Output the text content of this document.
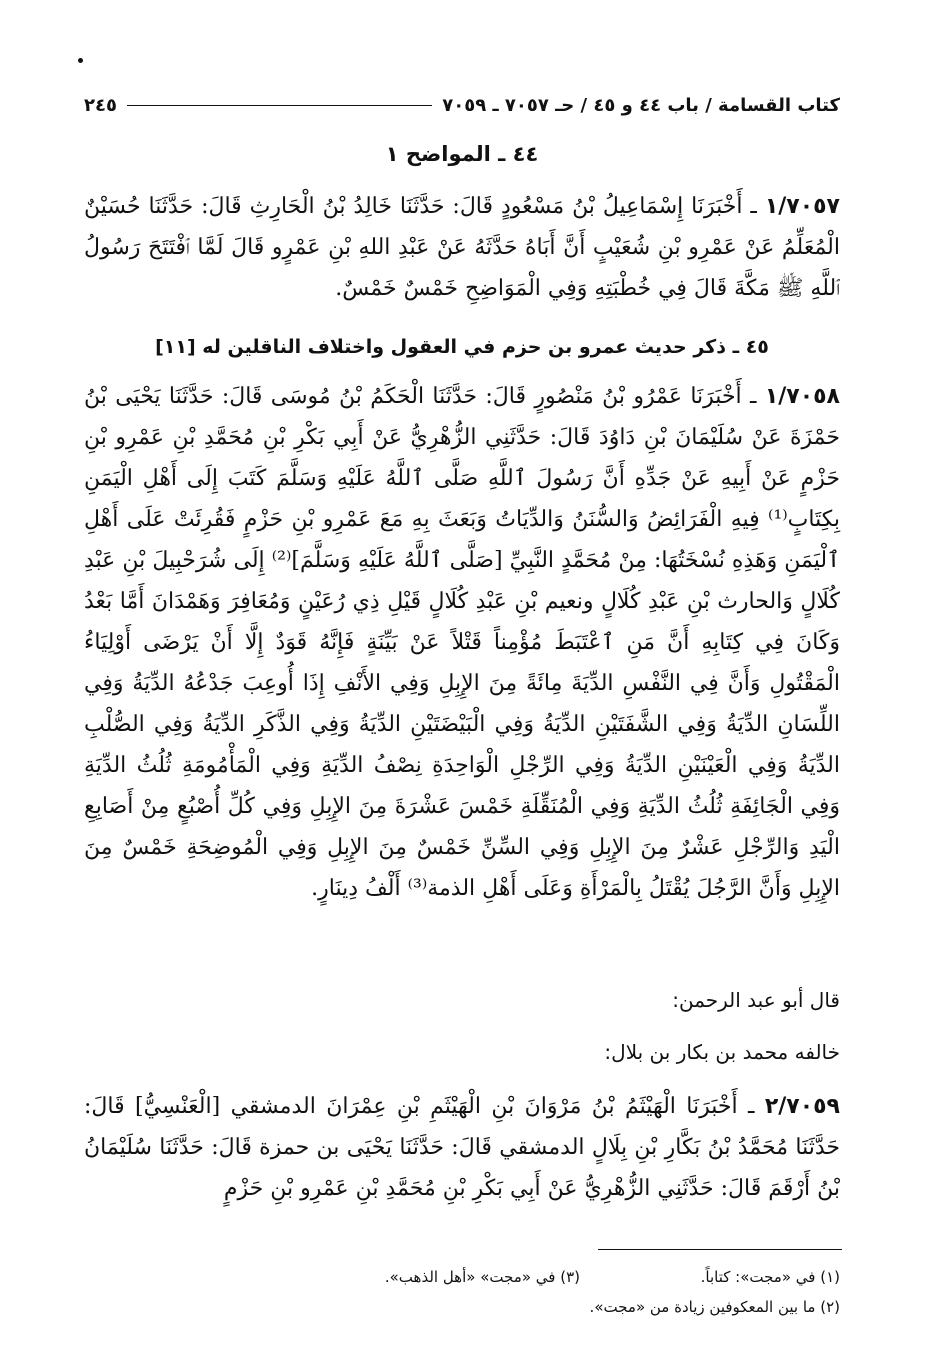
كتاب القسامة / باب ٤٤ و ٤٥ / حـ ٧٠٥٧ ـ ٧٠٥٩
٢٤٥
٤٤ ـ المواضح ١
١/٧٠٥٧ ـ أَخْبَرَنَا إِسْمَاعِيلُ بْنُ مَسْعُودٍ قَالَ: حَدَّثَنَا خَالِدُ بْنُ الْحَارِثِ قَالَ: حَدَّثَنَا حُسَيْنٌ الْمُعَلِّمُ عَنْ عَمْرِو بْنِ شُعَيْبٍ أَنَّ أَبَاهُ حَدَّثَهُ عَنْ عَبْدِ اللهِ بْنِ عَمْرٍو قَالَ لَمَّا ٱفْتَتَحَ رَسُولُ ٱللَّهِ ﷺ مَكَّةَ قَالَ فِي خُطْبَتِهِ وَفِي الْمَوَاضِحِ خَمْسٌ خَمْسٌ.
٤٥ ـ ذكر حديث عمرو بن حزم في العقول واختلاف الناقلين له [١١]
١/٧٠٥٨ ـ أَخْبَرَنَا عَمْرُو بْنُ مَنْصُورٍ قَالَ: حَدَّثَنَا الْحَكَمُ بْنُ مُوسَى قَالَ: حَدَّثَنَا يَحْيَى بْنُ حَمْزَةَ عَنْ سُلَيْمَانَ بْنِ دَاوُدَ قَالَ: حَدَّثَنِي الزُّهْرِيُّ عَنْ أَبِي بَكْرِ بْنِ مُحَمَّدِ بْنِ عَمْرِو بْنِ حَزْمٍ عَنْ أَبِيهِ عَنْ جَدِّهِ أَنَّ رَسُولَ ٱللَّهِ صَلَّى ٱللَّهُ عَلَيْهِ وَسَلَّمَ كَتَبَ إِلَى أَهْلِ الْيَمَنِ بِكِتَابٍ⁽¹⁾ فِيهِ الْفَرَائِضُ وَالسُّنَنُ وَالدِّيَاتُ وَبَعَثَ بِهِ مَعَ عَمْرِو بْنِ حَزْمٍ فَقُرِئَتْ عَلَى أَهْلِ ٱلْيَمَنِ وَهَذِهِ نُسْخَتُهَا: مِنْ مُحَمَّدٍ النَّبِيِّ [صَلَّى ٱللَّهُ عَلَيْهِ وَسَلَّمَ]⁽²⁾ إِلَى شُرَحْبِيلَ بْنِ عَبْدِ كُلَالٍ وَالحارث بْنِ عَبْدِ كُلَالٍ ونعيم بْنِ عَبْدِ كُلَالٍ قَيْلِ ذِي رُعَيْنٍ وَمُعَافِرَ وَهَمْدَانَ أَمَّا بَعْدُ وَكَانَ فِي كِتَابِهِ أَنَّ مَنِ ٱعْتَبَطَ مُؤْمِناً قَتْلاً عَنْ بَيِّنَةٍ فَإِنَّهُ قَوَدٌ إِلَّا أَنْ يَرْضَى أَوْلِيَاءُ الْمَقْتُولِ وَأَنَّ فِي النَّفْسِ الدِّيَةَ مِائَةً مِنَ الإِبِلِ وَفِي الأَنْفِ إِذَا أُوعِبَ جَدْعُهُ الدِّيَةُ وَفِي اللِّسَانِ الدِّيَةُ وَفِي الشَّفَتَيْنِ الدِّيَةُ وَفِي الْبَيْضَتَيْنِ الدِّيَةُ وَفِي الذَّكَرِ الدِّيَةُ وَفِي الصُّلْبِ الدِّيَةُ وَفِي الْعَيْنَيْنِ الدِّيَةُ وَفِي الرِّجْلِ الْوَاحِدَةِ نِصْفُ الدِّيَةِ وَفِي الْمَأْمُومَةِ ثُلُثُ الدِّيَةِ وَفِي الْجَائِفَةِ ثُلُثُ الدِّيَةِ وَفِي الْمُنَقِّلَةِ خَمْسَ عَشْرَةَ مِنَ الإِبِلِ وَفِي كُلِّ أُصْبُعٍ مِنْ أَصَابِعِ الْيَدِ وَالرِّجْلِ عَشْرٌ مِنَ الإِبِلِ وَفِي السِّنِّ خَمْسٌ مِنَ الإِبِلِ وَفِي الْمُوضِحَةِ خَمْسٌ مِنَ الإِبِلِ وَأَنَّ الرَّجُلَ يُقْتَلُ بِالْمَرْأَةِ وَعَلَى أَهْلِ الذمة⁽³⁾ أَلْفُ دِينَارٍ.
قال أبو عبد الرحمن:
خالفه محمد بن بكار بن بلال:
٢/٧٠٥٩ ـ أَخْبَرَنَا الْهَيْثَمُ بْنُ مَرْوَانَ بْنِ الْهَيْثَمِ بْنِ عِمْرَانَ الدمشقي [الْعَنْسِيُّ] قَالَ: حَدَّثَنَا مُحَمَّدُ بْنُ بَكَّارِ بْنِ بِلَالٍ الدمشقي قَالَ: حَدَّثَنَا يَحْيَى بن حمزة قَالَ: حَدَّثَنَا سُلَيْمَانُ بْنُ أَرْقَمَ قَالَ: حَدَّثَنِي الزُّهْرِيُّ عَنْ أَبِي بَكْرِ بْنِ مُحَمَّدِ بْنِ عَمْرِو بْنِ حَزْمٍ
(١) في «مجت»: كتاباً.
(٣) في «مجت» «أهل الذهب».
(٢) ما بين المعكوفين زيادة من «مجت».
